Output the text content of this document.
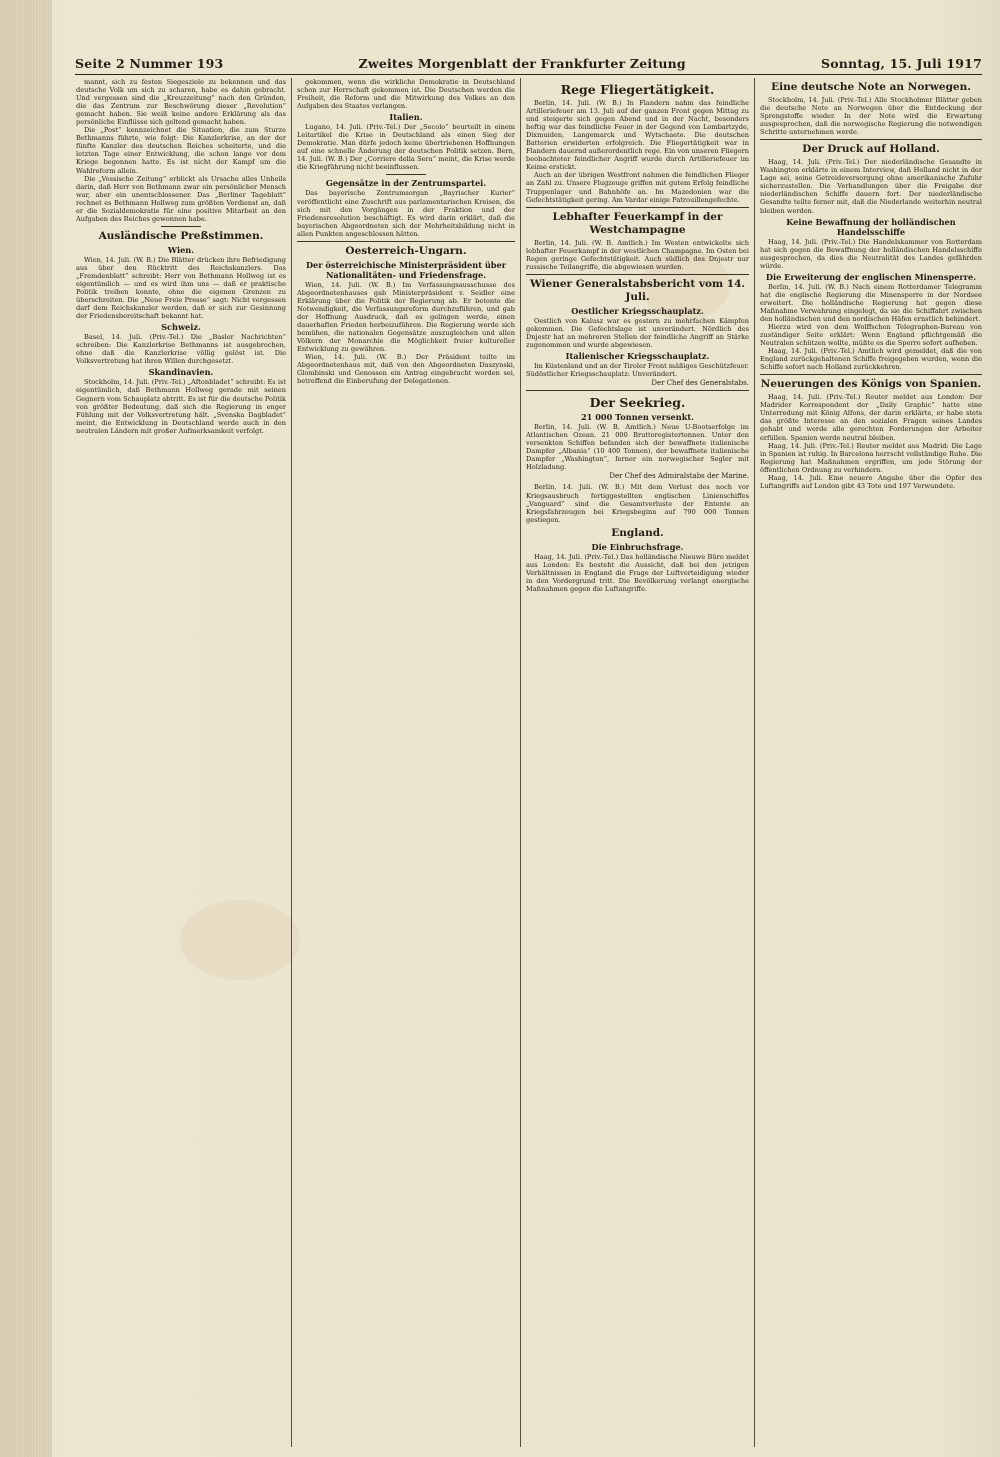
Seite 2 Nummer 193	Zweites Morgenblatt der Frankfurter Zeitung	Sonntag, 15. Juli 1917

mannt, sich zu festen Siegesziele zu bekennen und das deutsche Volk um sich zu scharen, habe es dahin gebracht. Und vergessen sind die „Kreuzzeitung“ nach den Gründen, die das Zentrum zur Beschwörung dieser „Revolution“ gemacht haben. Sie weiß keine andere Erklärung als das persönliche Einflüsse sich geltend gemacht haben.

Die „Post“ kennzeichnet die Situation, die zum Sturze Bethmanns führte, wie folgt: Die Kanzlerkrise, an der der fünfte Kanzler des deutschen Reiches scheiterte, und die letzten Tage einer Entwicklung, die schon lange vor dem Kriege begonnen hatte. Es ist nicht der Kampf um die Wahlreform allein.

Die „Vossische Zeitung“ erblickt als Ursache alles Unheils darin, daß Herr von Bethmann zwar ein persönlicher Mensch war, aber ein unentschlossener. Das „Berliner Tageblatt“ rechnet es Bethmann Hollweg zum größten Verdienst an, daß er die Sozialdemokratie für eine positive Mitarbeit an den Aufgaben des Reiches gewonnen habe.

Ausländische Preßstimmen.
Wien.

Wien, 14. Juli. (W. B.) Die Blätter drücken ihre Befriedigung aus über den Rücktritt des Reichskanzlers. Das „Fremdenblatt“ schreibt: Herr von Bethmann Hollweg ist es eigentümlich — und es wird ihm uns — daß er praktische Politik treiben konnte, ohne die eigenen Grenzen zu überschreiten. Die „Neue Freie Presse“ sagt: Nicht vergessen darf dem Reichskanzler werden, daß er sich zur Gesinnung der Friedensbereitschaft bekannt hat.

Schweiz.

Basel, 14. Juli. (Priv.-Tel.) Die „Basler Nachrichten“ schreiben: Die Kanzlerkrise Bethmanns ist ausgebrochen, ohne daß die Kanzlerkrise völlig gelöst ist. Die Volksvertretung hat ihren Willen durchgesetzt.

Skandinavien.

Stockholm, 14. Juli. (Priv.-Tel.) „Aftonbladet“ schreibt: Es ist eigentümlich, daß Bethmann Hollweg gerade mit seinen Gegnern vom Schauplatz abtritt. Es ist für die deutsche Politik von größter Bedeutung, daß sich die Regierung in enger Fühlung mit der Volksvertretung hält. „Svenska Dagbladet“ meint, die Entwicklung in Deutschland werde auch in den neutralen Ländern mit großer Aufmerksamkeit verfolgt.

gekommen, wenn die wirkliche Demokratie in Deutschland schon zur Herrschaft gekommen ist. Die Deutschen werden die Freiheit, die Reform und die Mitwirkung des Volkes an den Aufgaben des Staates verlangen.

Italien.

Lugano, 14. Juli. (Priv.-Tel.) Der „Secolo“ beurteilt in einem Leitartikel die Krise in Deutschland als einen Sieg der Demokratie. Man dürfe jedoch keine übertriebenen Hoffnungen auf eine schnelle Änderung der deutschen Politik setzen. Bern, 14. Juli. (W. B.) Der „Corriere della Sera“ meint, die Krise werde die Kriegführung nicht beeinflussen.

Gegensätze in der Zentrumspartei.

Das bayerische Zentrumsorgan „Bayrischer Kurier“ veröffentlicht eine Zuschrift aus parlamentarischen Kreisen, die sich mit den Vorgängen in der Fraktion und der Friedensresolution beschäftigt. Es wird darin erklärt, daß die bayerischen Abgeordneten sich der Mehrheitsbildung nicht in allen Punkten angeschlossen hätten.

Oesterreich-Ungarn.
Der österreichische Ministerpräsident über Nationalitäten- und Friedensfrage.

Wien, 14. Juli. (W. B.) Im Verfassungsausschusse des Abgeordnetenhauses gab Ministerpräsident v. Seidler eine Erklärung über die Politik der Regierung ab. Er betonte die Notwendigkeit, die Verfassungsreform durchzuführen, und gab der Hoffnung Ausdruck, daß es gelingen werde, einen dauerhaften Frieden herbeizuführen. Die Regierung werde sich bemühen, die nationalen Gegensätze auszugleichen und allen Völkern der Monarchie die Möglichkeit freier kultureller Entwicklung zu gewähren.

Wien, 14. Juli. (W. B.) Der Präsident teilte im Abgeordnetenhaus mit, daß von den Abgeordneten Daszynski, Glombinski und Genossen ein Antrag eingebracht worden sei, betreffend die Einberufung der Delegationen.

Rege Fliegertätigkeit.

Berlin, 14. Juli. (W. B.) In Flandern nahm das feindliche Artilleriefeuer am 13. Juli auf der ganzen Front gegen Mittag zu und steigerte sich gegen Abend und in der Nacht, besonders heftig war das feindliche Feuer in der Gegend von Lombartzyde, Dixmuiden, Langemarck und Wytschaete. Die deutschen Batterien erwiderten erfolgreich. Die Fliegertätigkeit war in Flandern dauernd außerordentlich rege. Ein von unseren Fliegern beobachteter feindlicher Angriff wurde durch Artilleriefeuer im Keime erstickt.

Auch an der übrigen Westfront nahmen die feindlichen Flieger an Zahl zu. Unsere Flugzeuge griffen mit gutem Erfolg feindliche Truppenlager und Bahnhöfe an. Im Mazedonien war die Gefechtstätigkeit gering. Am Vardar einige Patrouillengefechte.

Lebhafter Feuerkampf in der Westchampagne

Berlin, 14. Juli. (W. B. Amtlich.) Im Westen entwickelte sich lebhafter Feuerkampf in der westlichen Champagne. Im Osten bei Regen geringe Gefechtstätigkeit. Auch südlich des Dnjestr nur russische Teilangriffe, die abgewiesen wurden.

Wiener Generalstabsbericht vom 14. Juli.
Oestlicher Kriegsschauplatz.

Oestlich von Kalusz war es gestern zu mehrfachen Kämpfen gekommen. Die Gefechtslage ist unverändert. Nördlich des Dnjestr hat an mehreren Stellen der feindliche Angriff an Stärke zugenommen und wurde abgewiesen.

Italienischer Kriegsschauplatz.

Im Küstenland und an der Tiroler Front mäßiges Geschützfeuer. Südöstlicher Kriegsschauplatz: Unverändert.

Der Chef des Generalstabs.
Der Seekrieg.
21 000 Tonnen versenkt.

Berlin, 14. Juli. (W. B. Amtlich.) Neue U-Bootserfolge im Atlantischen Ozean. 21 000 Bruttoregistertonnen. Unter den versenkten Schiffen befanden sich der bewaffnete italienische Dampfer „Albania“ (10 400 Tonnen), der bewaffnete italienische Dampfer „Washington“, ferner ein norwegischer Segler mit Holzladung.

Der Chef des Admiralstabs der Marine.

Berlin, 14. Juli. (W. B.) Mit dem Verlust des noch vor Kriegsausbruch fertiggestellten englischen Linienschiffes „Vanguard“ sind die Gesamtverluste der Entente an Kriegsfahrzeugen bei Kriegsbeginn auf 790 000 Tonnen gestiegen.

England.
Die Einbruchsfrage.

Haag, 14. Juli. (Priv.-Tel.) Das holländische Nieuwe Büro meldet aus London: Es besteht die Aussicht, daß bei den jetzigen Verhältnissen in England die Frage der Luftverteidigung wieder in den Vordergrund tritt. Die Bevölkerung verlangt energische Maßnahmen gegen die Luftangriffe.

Eine deutsche Note an Norwegen.

Stockholm, 14. Juli. (Priv.-Tel.) Alle Stockholmer Blätter geben die deutsche Note an Norwegen über die Entdeckung der Sprengstoffe wieder. In der Note wird die Erwartung ausgesprochen, daß die norwegische Regierung die notwendigen Schritte unternehmen werde.

Der Druck auf Holland.

Haag, 14. Juli. (Priv.-Tel.) Der niederländische Gesandte in Washington erklärte in einem Interview, daß Holland nicht in der Lage sei, seine Getreideversorgung ohne amerikanische Zufuhr sicherzustellen. Die Verhandlungen über die Freigabe der niederländischen Schiffe dauern fort. Der niederländische Gesandte teilte ferner mit, daß die Niederlande weiterhin neutral bleiben werden.

Keine Bewaffnung der holländischen Handelsschiffe

Haag, 14. Juli. (Priv.-Tel.) Die Handelskammer von Rotterdam hat sich gegen die Bewaffnung der holländischen Handelsschiffe ausgesprochen, da dies die Neutralität des Landes gefährden würde.

Die Erweiterung der englischen Minensperre.

Berlin, 14. Juli. (W. B.) Nach einem Rotterdamer Telegramm hat die englische Regierung die Minensperre in der Nordsee erweitert. Die holländische Regierung hat gegen diese Maßnahme Verwahrung eingelegt, da sie die Schiffahrt zwischen den holländischen und den nordischen Häfen ernstlich behindert.

Hierzu wird von dem Wolffschen Telegraphen-Bureau von zuständiger Seite erklärt: Wenn England pflichtgemäß die Neutralen schützen wollte, müßte es die Sperre sofort aufheben.

Haag, 14. Juli. (Priv.-Tel.) Amtlich wird gemeldet, daß die von England zurückgehaltenen Schiffe freigegeben wurden, wenn die Schiffe sofort nach Holland zurückkehren.

Neuerungen des Königs von Spanien.

Haag, 14. Juli. (Priv.-Tel.) Reuter meldet aus London: Der Madrider Korrespondent der „Daily Graphic“ hatte eine Unterredung mit König Alfons, der darin erklärte, er habe stets das größte Interesse an den sozialen Fragen seines Landes gehabt und werde alle gerechten Forderungen der Arbeiter erfüllen. Spanien werde neutral bleiben.

Haag, 14. Juli. (Priv.-Tel.) Reuter meldet aus Madrid: Die Lage in Spanien ist ruhig. In Barcelona herrscht vollständige Ruhe. Die Regierung hat Maßnahmen ergriffen, um jede Störung der öffentlichen Ordnung zu verhindern.

Haag, 14. Juli. Eine neuere Angabe über die Opfer des Luftangriffs auf London gibt 43 Tote und 197 Verwundete.
